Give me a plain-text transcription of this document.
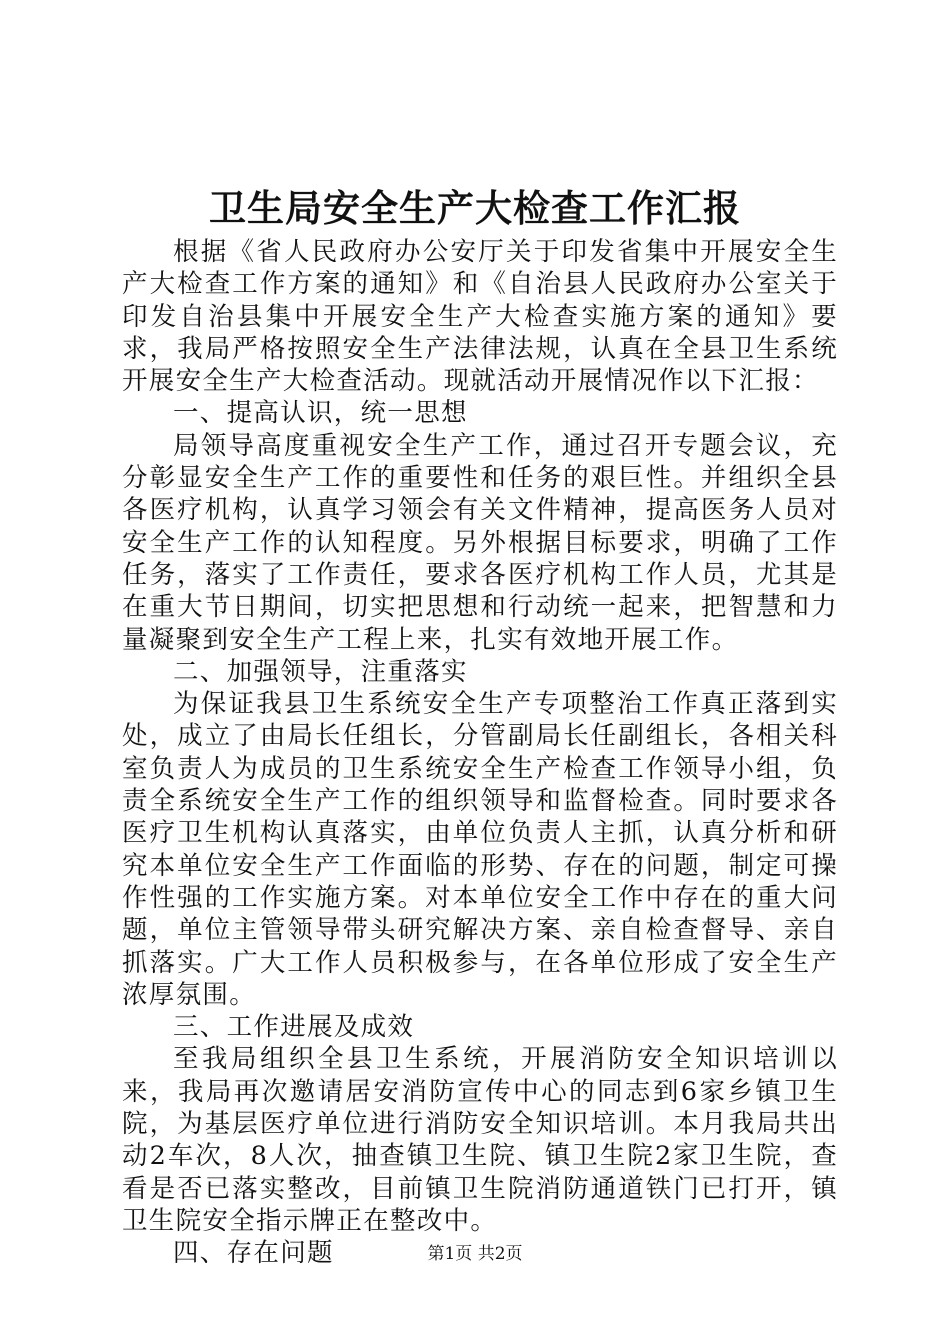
卫生局安全生产大检查工作汇报

根据《省人民政府办公安厅关于印发省集中开展安全生产大检查工作方案的通知》和《自治县人民政府办公室关于印发自治县集中开展安全生产大检查实施方案的通知》要求，我局严格按照安全生产法律法规，认真在全县卫生系统开展安全生产大检查活动。现就活动开展情况作以下汇报：

一、提高认识，统一思想

局领导高度重视安全生产工作，通过召开专题会议，充分彰显安全生产工作的重要性和任务的艰巨性。并组织全县各医疗机构，认真学习领会有关文件精神，提高医务人员对安全生产工作的认知程度。另外根据目标要求，明确了工作任务，落实了工作责任，要求各医疗机构工作人员，尤其是在重大节日期间，切实把思想和行动统一起来，把智慧和力量凝聚到安全生产工程上来，扎实有效地开展工作。

二、加强领导，注重落实

为保证我县卫生系统安全生产专项整治工作真正落到实处，成立了由局长任组长，分管副局长任副组长，各相关科室负责人为成员的卫生系统安全生产检查工作领导小组，负责全系统安全生产工作的组织领导和监督检查。同时要求各医疗卫生机构认真落实，由单位负责人主抓，认真分析和研究本单位安全生产工作面临的形势、存在的问题，制定可操作性强的工作实施方案。对本单位安全工作中存在的重大问题，单位主管领导带头研究解决方案、亲自检查督导、亲自抓落实。广大工作人员积极参与，在各单位形成了安全生产浓厚氛围。

三、工作进展及成效

至我局组织全县卫生系统，开展消防安全知识培训以来，我局再次邀请居安消防宣传中心的同志到6家乡镇卫生院，为基层医疗单位进行消防安全知识培训。本月我局共出动2车次，8人次，抽查镇卫生院、镇卫生院2家卫生院，查看是否已落实整改，目前镇卫生院消防通道铁门已打开，镇卫生院安全指示牌正在整改中。

四、存在问题	第1页 共2页
